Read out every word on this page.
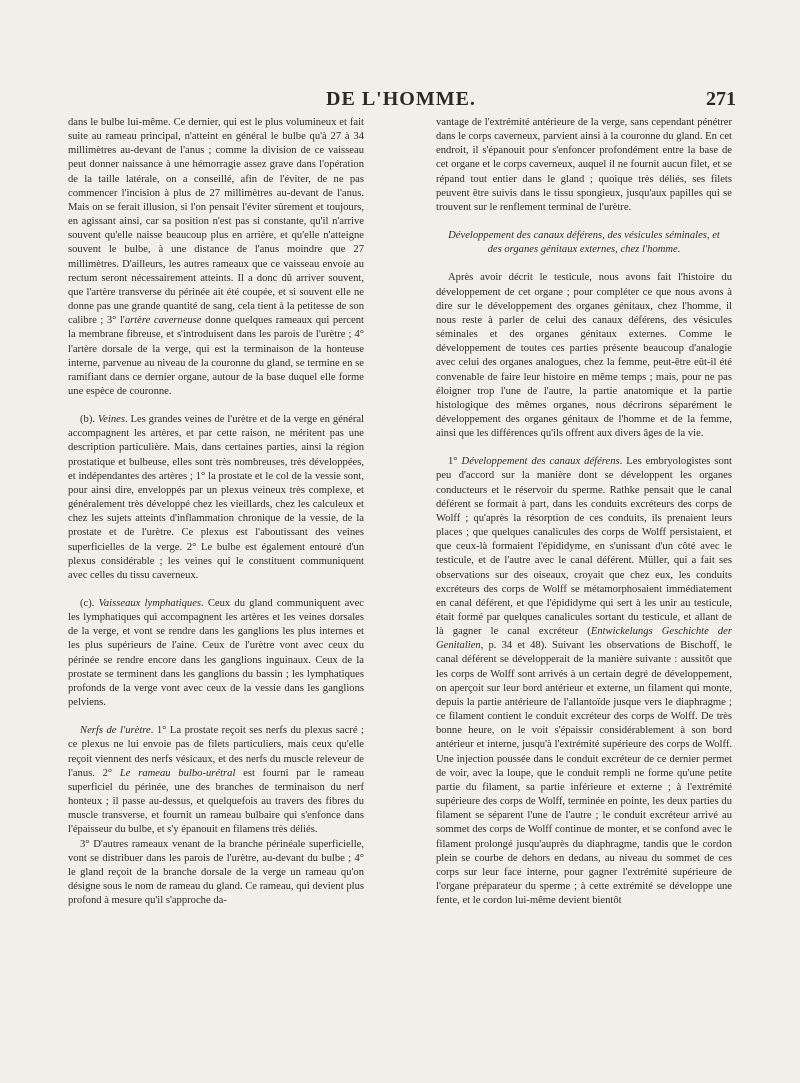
DE L'HOMME.	271

dans le bulbe lui-même. Ce dernier, qui est le plus volumineux et fait suite au rameau principal, n'atteint en général le bulbe qu'à 27 à 34 millimètres au-devant de l'anus ; comme la division de ce vaisseau peut donner naissance à une hémorragie assez grave dans l'opération de la taille latérale, on a conseillé, afin de l'éviter, de ne pas commencer l'incision à plus de 27 millimètres au-devant de l'anus. Mais on se ferait illusion, si l'on pensait l'éviter sûrement et toujours, en agissant ainsi, car sa position n'est pas si constante, qu'il n'arrive souvent qu'elle naisse beaucoup plus en arrière, et qu'elle n'atteigne souvent le bulbe, à une distance de l'anus moindre que 27 millimètres. D'ailleurs, les autres rameaux que ce vaisseau envoie au rectum seront nécessairement atteints. Il a donc dû arriver souvent, que l'artère transverse du périnée ait été coupée, et si souvent elle ne donne pas une grande quantité de sang, cela tient à la petitesse de son calibre ; 3° l'artère caverneuse donne quelques rameaux qui percent la membrane fibreuse, et s'introduisent dans les parois de l'urètre ; 4° l'artère dorsale de la verge, qui est la terminaison de la honteuse interne, parvenue au niveau de la couronne du gland, se termine en se ramifiant dans ce dernier organe, autour de la base duquel elle forme une espèce de couronne.

(b). Veines. Les grandes veines de l'urètre et de la verge en général accompagnent les artères, et par cette raison, ne méritent pas une description particulière. Mais, dans certaines parties, ainsi la région prostatique et bulbeuse, elles sont très nombreuses, très développées, et indépendantes des artères ; 1° la prostate et le col de la vessie sont, pour ainsi dire, enveloppés par un plexus veineux très complexe, et généralement très développé chez les vieillards, chez les calculeux et chez les sujets atteints d'inflammation chronique de la vessie, de la prostate et de l'urètre. Ce plexus est l'aboutissant des veines superficielles de la verge. 2° Le bulbe est également entouré d'un plexus considérable ; les veines qui le constituent communiquent avec celles du tissu caverneux.

(c). Vaisseaux lymphatiques. Ceux du gland communiquent avec les lymphatiques qui accompagnent les artères et les veines dorsales de la verge, et vont se rendre dans les ganglions les plus internes et les plus supérieurs de l'aine. Ceux de l'urètre vont avec ceux du périnée se rendre encore dans les ganglions inguinaux. Ceux de la prostate se terminent dans les ganglions du bassin ; les lymphatiques profonds de la verge vont avec ceux de la vessie dans les ganglions pelviens.

Nerfs de l'urètre. 1° La prostate reçoit ses nerfs du plexus sacré ; ce plexus ne lui envoie pas de filets particuliers, mais ceux qu'elle reçoit viennent des nerfs vésicaux, et des nerfs du muscle releveur de l'anus. 2° Le rameau bulbo-urétral est fourni par le rameau superficiel du périnée, une des branches de terminaison du nerf honteux ; il passe au-dessus, et quelquefois au travers des fibres du muscle transverse, et fournit un rameau bulbaire qui s'enfonce dans l'épaisseur du bulbe, et s'y épanouit en filamens très déliés.

3° D'autres rameaux venant de la branche périnéale superficielle, vont se distribuer dans les parois de l'urètre, au-devant du bulbe ; 4° le gland reçoit de la branche dorsale de la verge un rameau qu'on désigne sous le nom de rameau du gland. Ce rameau, qui devient plus profond à mesure qu'il s'approche da-

vantage de l'extrémité antérieure de la verge, sans cependant pénétrer dans le corps caverneux, parvient ainsi à la couronne du gland. En cet endroit, il s'épanouit pour s'enfoncer profondément entre la base de cet organe et le corps caverneux, auquel il ne fournit aucun filet, et se répand tout entier dans le gland ; quoique très déliés, ses filets peuvent être suivis dans le tissu spongieux, jusqu'aux papilles qui se trouvent sur le renflement terminal de l'urètre.

Développement des canaux déférens, des vésicules séminales, et des organes génitaux externes, chez l'homme.

Après avoir décrit le testicule, nous avons fait l'histoire du développement de cet organe ; pour compléter ce que nous avons à dire sur le développement des organes génitaux, chez l'homme, il nous reste à parler de celui des canaux déférens, des vésicules séminales et des organes génitaux externes. Comme le développement de toutes ces parties présente beaucoup d'analogie avec celui des organes analogues, chez la femme, peut-être eût-il été convenable de faire leur histoire en même temps ; mais, pour ne pas éloigner trop l'une de l'autre, la partie anatomique et la partie histologique des mêmes organes, nous décrirons séparément le développement des organes génitaux de l'homme et de la femme, ainsi que les différences qu'ils offrent aux divers âges de la vie.

1° Développement des canaux déférens. Les embryologistes sont peu d'accord sur la manière dont se développent les organes conducteurs et le réservoir du sperme. Rathke pensait que le canal déférent se formait à part, dans les conduits excréteurs des corps de Wolff ; qu'après la résorption de ces conduits, ils prenaient leurs places ; que quelques canalicules des corps de Wolff persistaient, et que ceux-là formaient l'épididyme, en s'unissant d'un côté avec le testicule, et de l'autre avec le canal déférent. Müller, qui a fait ses observations sur des oiseaux, croyait que chez eux, les conduits excréteurs des corps de Wolff se métamorphosaient immédiatement en canal déférent, et que l'épididyme qui sert à les unir au testicule, était formé par quelques canalicules sortant du testicule, et allant de là gagner le canal excréteur (Entwickelungs Geschichte der Genitalien, p. 34 et 48). Suivant les observations de Bischoff, le canal déférent se développerait de la manière suivante : aussitôt que les corps de Wolff sont arrivés à un certain degré de développement, on aperçoit sur leur bord antérieur et externe, un filament qui monte, depuis la partie antérieure de l'allantoïde jusque vers le diaphragme ; ce filament contient le conduit excréteur des corps de Wolff. De très bonne heure, on le voit s'épaissir considérablement à son bord antérieur et interne, jusqu'à l'extrémité supérieure des corps de Wolff. Une injection poussée dans le conduit excréteur de ce dernier permet de voir, avec la loupe, que le conduit rempli ne forme qu'une petite partie du filament, sa partie inférieure et externe ; à l'extrémité supérieure des corps de Wolff, terminée en pointe, les deux parties du filament se séparent l'une de l'autre ; le conduit excréteur arrivé au sommet des corps de Wolff continue de monter, et se confond avec le filament prolongé jusqu'auprès du diaphragme, tandis que le cordon plein se courbe de dehors en dedans, au niveau du sommet de ces corps sur leur face interne, pour gagner l'extrémité supérieure de l'organe préparateur du sperme ; à cette extrémité se développe une fente, et le cordon lui-même devient bientôt
